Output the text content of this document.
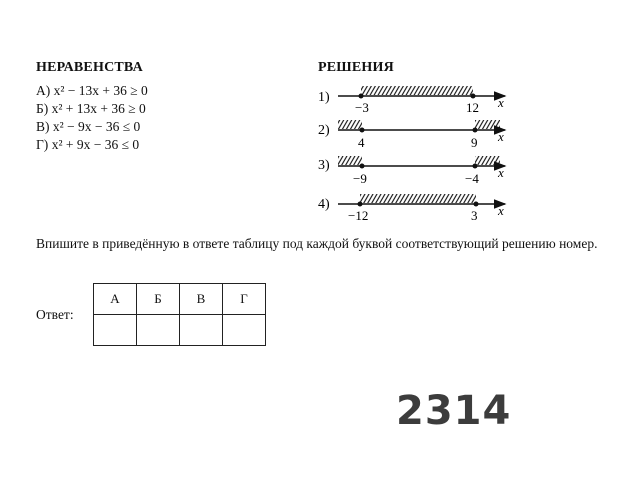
НЕРАВЕНСТВА
А) x² − 13x + 36 ≥ 0
Б) x² + 13x + 36 ≥ 0
В) x² − 9x − 36 ≤ 0
Г) x² + 9x − 36 ≤ 0
РЕШЕНИЯ
1)
−3	12 x
2)
4	9 x
3)
−9	−4 x
4)
−12	3 x
Впишите в приведённую в ответе таблицу под каждой буквой соответствующий решению номер.
Ответ:
А	Б	В	Г

2314
